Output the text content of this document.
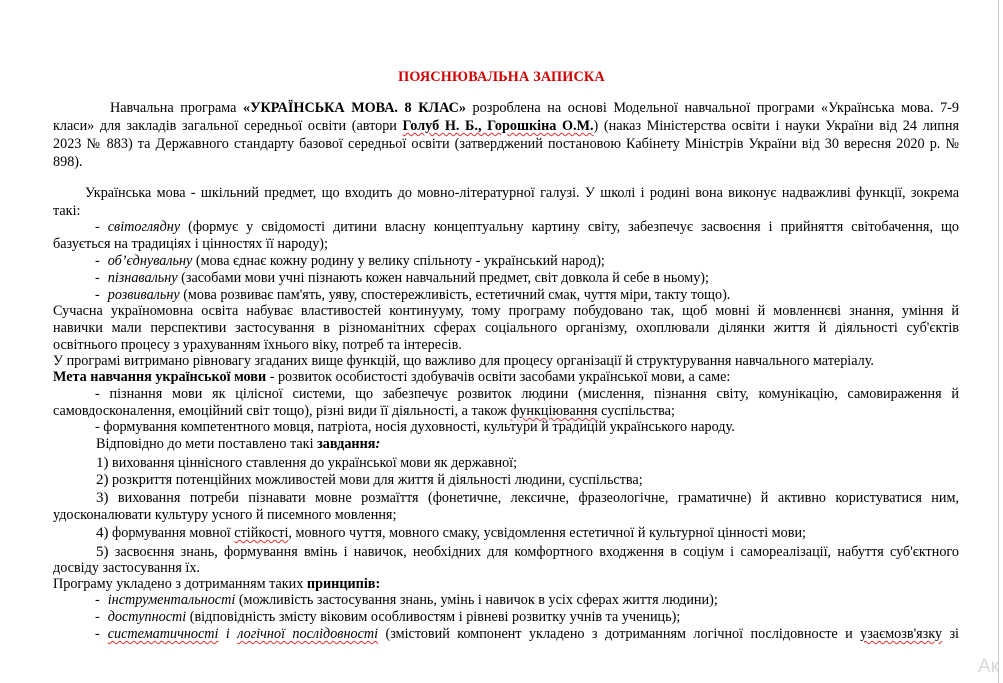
ПОЯСНЮВАЛЬНА ЗАПИСКА
Навчальна програма «УКРАЇНСЬКА МОВА. 8 КЛАС» розроблена на основі Модельної навчальної програми «Українська мова. 7-9
класи» для закладів загальної середньої освіти (автори Голуб Н. Б., Горошкіна О.М.) (наказ Міністерства освіти і науки України від 24 липня
2023 № 883) та Державного стандарту базової середньої освіти (затверджений постановою Кабінету Міністрів України від 30 вересня 2020 р. №
898).
Українська мова - шкільний предмет, що входить до мовно-літературної галузі. У школі і родині вона виконує надважливі функції, зокрема
такі:
- світоглядну (формує у свідомості дитини власну концептуальну картину світу, забезпечує засвоєння і прийняття світобачення, що
базується на традиціях і цінностях її народу);
- об’єднувальну (мова єднає кожну родину у велику спільноту - український народ);
- пізнавальну (засобами мови учні пізнають кожен навчальний предмет, світ довкола й себе в ньому);
- розвивальну (мова розвиває пам'ять, уяву, спостережливість, естетичний смак, чуття міри, такту тощо).
Сучасна україномовна освіта набуває властивостей континууму, тому програму побудовано так, щоб мовні й мовленнєві знання, уміння й
навички мали перспективи застосування в різноманітних сферах соціального організму, охоплювали ділянки життя й діяльності суб'єктів
освітнього процесу з урахуванням їхнього віку, потреб та інтересів.
У програмі витримано рівновагу згаданих вище функцій, що важливо для процесу організації й структурування навчального матеріалу.
Мета навчання української мови - розвиток особистості здобувачів освіти засобами української мови, а саме:
- пізнання мови як цілісної системи, що забезпечує розвиток людини (мислення, пізнання світу, комунікацію, самовираження й
самовдосконалення, емоційний світ тощо), різні види її діяльності, а також функціювання суспільства;
- формування компетентного мовця, патріота, носія духовності, культури й традицій українського народу.
Відповідно до мети поставлено такі завдання:
1) виховання ціннісного ставлення до української мови як державної;
2) розкриття потенційних можливостей мови для життя й діяльності людини, суспільства;
3) виховання потреби пізнавати мовне розмаїття (фонетичне, лексичне, фразеологічне, граматичне) й активно користуватися ним,
удосконалювати культуру усного й писемного мовлення;
4) формування мовної стійкості, мовного чуття, мовного смаку, усвідомлення естетичної й культурної цінності мови;
5) засвоєння знань, формування вмінь і навичок, необхідних для комфортного входження в соціум і самореалізації, набуття суб'єктного
досвіду застосування їх.
Програму укладено з дотриманням таких принципів:
- інструментальності (можливість застосування знань, умінь і навичок в усіх сферах життя людини);
- доступності (відповідність змісту віковим особливостям і рівневі розвитку учнів та учениць);
- систематичності і логічної послідовності (змістовий компонент укладено з дотриманням логічної послідовносте и узаємозв'язку зі
Ак
